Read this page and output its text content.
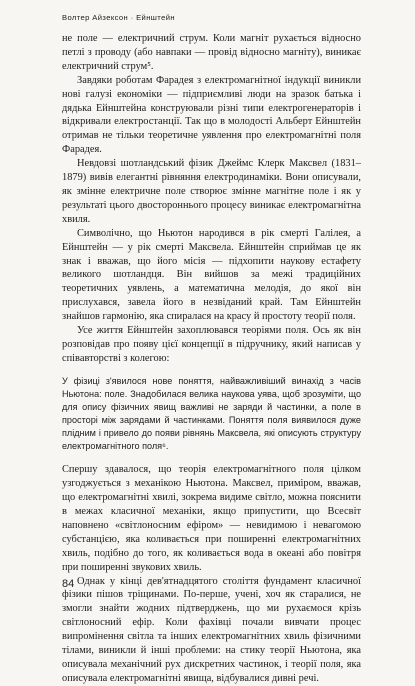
Волтер Айзексон · Ейнштейн

не поле — електричний струм. Коли магніт рухається відносно петлі з проводу (або навпаки — провід відносно магніту), виникає електричний струм⁵.

Завдяки роботам Фарадея з електромагнітної індукції виникли нові галузі економіки — підприємливі люди на зразок батька і дядька Ейнштейна конструювали різні типи електрогенераторів і відкривали електростанції. Так що в молодості Альберт Ейнштейн отримав не тільки теоретичне уявлення про електромагнітні поля Фарадея.

Невдовзі шотландський фізик Джеймс Клерк Максвел (1831–1879) вивів елегантні рівняння електродинаміки. Вони описували, як змінне електричне поле створює змінне магнітне поле і як у результаті цього двостороннього процесу виникає електромагнітна хвиля.

Символічно, що Ньютон народився в рік смерті Галілея, а Ейнштейн — у рік смерті Максвела. Ейнштейн сприймав це як знак і вважав, що його місія — підхопити наукову естафету великого шотландця. Він вийшов за межі традиційних теоретичних уявлень, а математична мелодія, до якої він прислухався, завела його в незвіданий край. Там Ейнштейн знайшов гармонію, яка спиралася на красу й простоту теорії поля.

Усе життя Ейнштейн захоплювався теоріями поля. Ось як він розповідав про появу цієї концепції в підручнику, який написав у співавторстві з колегою:

У фізиці з'явилося нове поняття, найважливіший винахід з часів Ньютона: поле. Знадобилася велика наукова уява, щоб зрозуміти, що для опису фізичних явищ важливі не заряди й частинки, а поле в просторі між зарядами й частинками. Поняття поля виявилося дуже плідним і привело до появи рівнянь Максвела, які описують структуру електромагнітного поля⁶.

Спершу здавалося, що теорія електромагнітного поля цілком узгоджується з механікою Ньютона. Максвел, приміром, вважав, що електромагнітні хвилі, зокрема видиме світло, можна пояснити в межах класичної механіки, якщо припустити, що Всесвіт наповнено «світлоносним ефіром» — невидимою і невагомою субстанцією, яка коливається при поширенні електромагнітних хвиль, подібно до того, як коливається вода в океані або повітря при поширенні звукових хвиль.

Однак у кінці дев'ятнадцятого століття фундамент класичної фізики пішов тріщинами. По-перше, учені, хоч як старалися, не змогли знайти жодних підтверджень, що ми рухаємося крізь світлоносний ефір. Коли фахівці почали вивчати процес випромінення світла та інших електромагнітних хвиль фізичними тілами, виникли й інші проблеми: на стику теорії Ньютона, яка описувала механічний рух дискретних частинок, і теорії поля, яка описувала електромагнітні явища, відбувалися дивні речі.

84
